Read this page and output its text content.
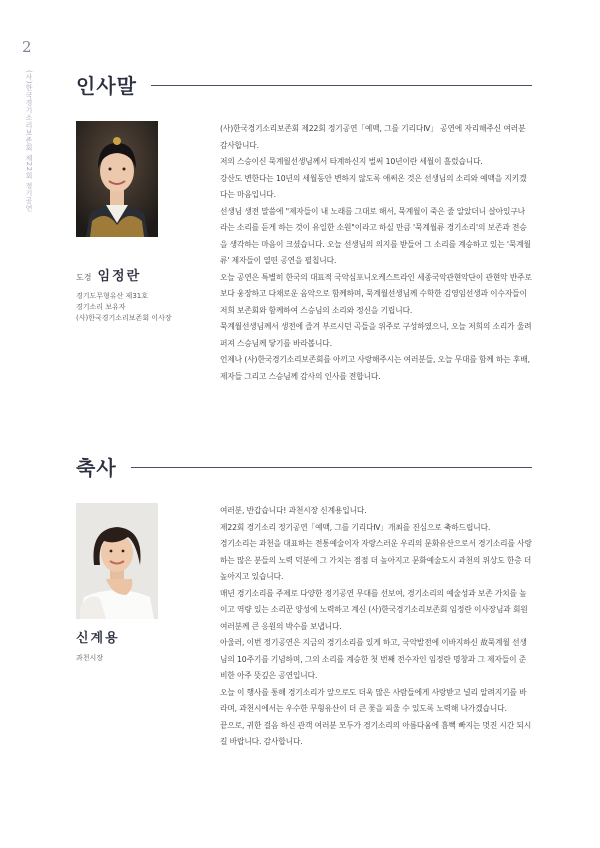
2
(사)한국경기소리보존회 제22회 정기공연 인사말
도경 임정란
경기도무형유산 제31호
경기소리 보유자
(사)한국경기소리보존회 이사장

(사)한국경기소리보존회 제22회 정기공연「예맥, 그를 기리다Ⅳ」 공연에 자리해주신 여러분 감사합니다.

저의 스승이신 묵계월선생님께서 타계하신지 벌써 10년이란 세월이 흘렀습니다.

강산도 변한다는 10년의 세월동안 변하지 않도록 애써온 것은 선생님의 소리와 예맥을 지키겠다는 마음입니다.

선생님 생전 말씀에 "제자들이 내 노래를 그대로 해서, 묵계월이 죽은 줄 알았더니 살아있구나라는 소리를 듣게 하는 것이 유일한 소원"이라고 하실 만큼 '묵계월류 경기소리'의 보존과 전승을 생각하는 마음이 크셨습니다. 오늘 선생님의 의지를 받들어 그 소리를 계승하고 있는 '묵계월류' 제자들이 열띤 공연을 펼칩니다.

오늘 공연은 특별히 한국의 대표적 국악심포니오케스트라인 세종국악관현악단이 관현악 반주로 보다 웅장하고 다채로운 음악으로 함께하며, 묵계월선생님께 수학한 김영임선생과 이수자들이 저희 보존회와 함께하여 스승님의 소리와 정신을 기립니다.

묵계월선생님께서 생전에 즐겨 부르시던 곡들을 위주로 구성하였으니, 오늘 저희의 소리가 울려 퍼져 스승님께 닿기를 바라봅니다.

언제나 (사)한국경기소리보존회를 아끼고 사랑해주시는 여러분들, 오늘 무대를 함께 하는 후배, 제자들 그리고 스승님께 감사의 인사를 전합니다.

축사
신계용
과천시장

여러분, 반갑습니다! 과천시장 신계용입니다.

제22회 경기소리 정기공연「예맥, 그를 기리다Ⅳ」개최를 진심으로 축하드립니다.

경기소리는 과천을 대표하는 전통예술이자 자랑스러운 우리의 문화유산으로서 경기소리를 사랑하는 많은 분들의 노력 덕분에 그 가치는 점점 더 높아지고 문화예술도시 과천의 위상도 한층 더 높아지고 있습니다.

매년 경기소리를 주제로 다양한 정기공연 무대를 선보여, 경기소리의 예술성과 보존 가치를 높이고 역량 있는 소리꾼 양성에 노력하고 계신 (사)한국경기소리보존회 임정란 이사장님과 회원 여러분께 큰 응원의 박수를 보냅니다.

아울러, 이번 정기공연은 지금의 경기소리를 있게 하고, 국악발전에 이바지하신 故묵계월 선생님의 10주기를 기념하며, 그의 소리를 계승한 첫 번째 전수자인 임정란 명창과 그 제자들이 준비한 아주 뜻깊은 공연입니다.

오늘 이 행사를 통해 경기소리가 앞으로도 더욱 많은 사람들에게 사랑받고 널리 알려지기를 바라며, 과천시에서는 우수한 무형유산이 더 큰 꽃을 피울 수 있도록 노력해 나가겠습니다.

끝으로, 귀한 걸음 하신 관객 여러분 모두가 경기소리의 아름다움에 흠뻑 빠지는 멋진 시간 되시길 바랍니다. 감사합니다.
